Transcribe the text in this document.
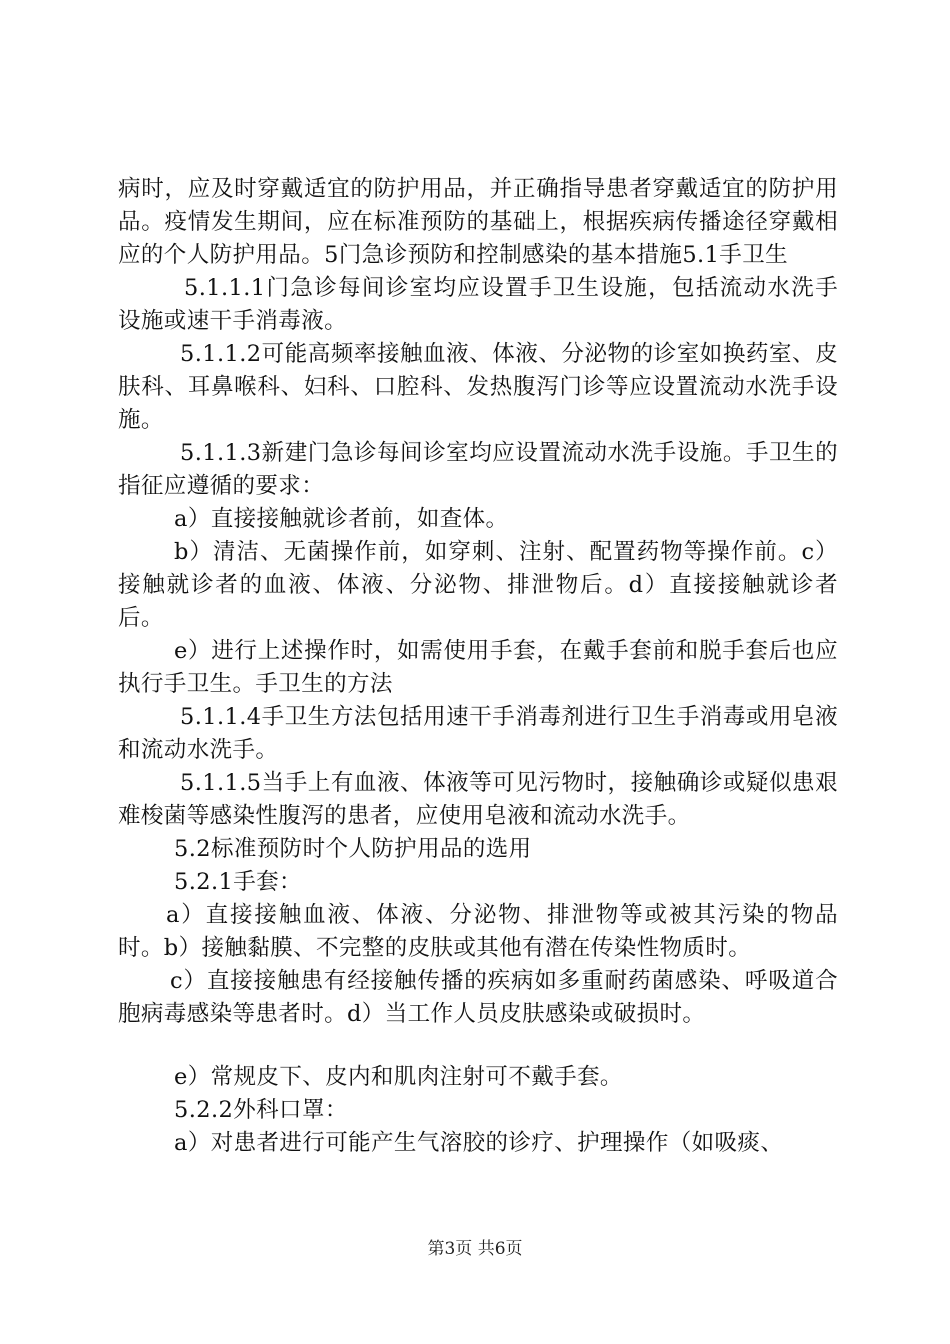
病时，应及时穿戴适宜的防护用品，并正确指导患者穿戴适宜的防护用品。疫情发生期间，应在标准预防的基础上，根据疾病传播途径穿戴相应的个人防护用品。5门急诊预防和控制感染的基本措施5.1手卫生

5.1.1.1门急诊每间诊室均应设置手卫生设施，包括流动水洗手设施或速干手消毒液。

5.1.1.2可能高频率接触血液、体液、分泌物的诊室如换药室、皮肤科、耳鼻喉科、妇科、口腔科、发热腹泻门诊等应设置流动水洗手设施。

5.1.1.3新建门急诊每间诊室均应设置流动水洗手设施。手卫生的指征应遵循的要求：

a）直接接触就诊者前，如查体。

b）清洁、无菌操作前，如穿刺、注射、配置药物等操作前。c）接触就诊者的血液、体液、分泌物、排泄物后。d）直接接触就诊者后。

e）进行上述操作时，如需使用手套，在戴手套前和脱手套后也应执行手卫生。手卫生的方法

5.1.1.4手卫生方法包括用速干手消毒剂进行卫生手消毒或用皂液和流动水洗手。

5.1.1.5当手上有血液、体液等可见污物时，接触确诊或疑似患艰难梭菌等感染性腹泻的患者，应使用皂液和流动水洗手。

5.2标准预防时个人防护用品的选用

5.2.1手套：

a）直接接触血液、体液、分泌物、排泄物等或被其污染的物品时。b）接触黏膜、不完整的皮肤或其他有潜在传染性物质时。

c）直接接触患有经接触传播的疾病如多重耐药菌感染、呼吸道合胞病毒感染等患者时。d）当工作人员皮肤感染或破损时。

e）常规皮下、皮内和肌肉注射可不戴手套。

5.2.2外科口罩：

a）对患者进行可能产生气溶胶的诊疗、护理操作（如吸痰、

第3页 共6页
